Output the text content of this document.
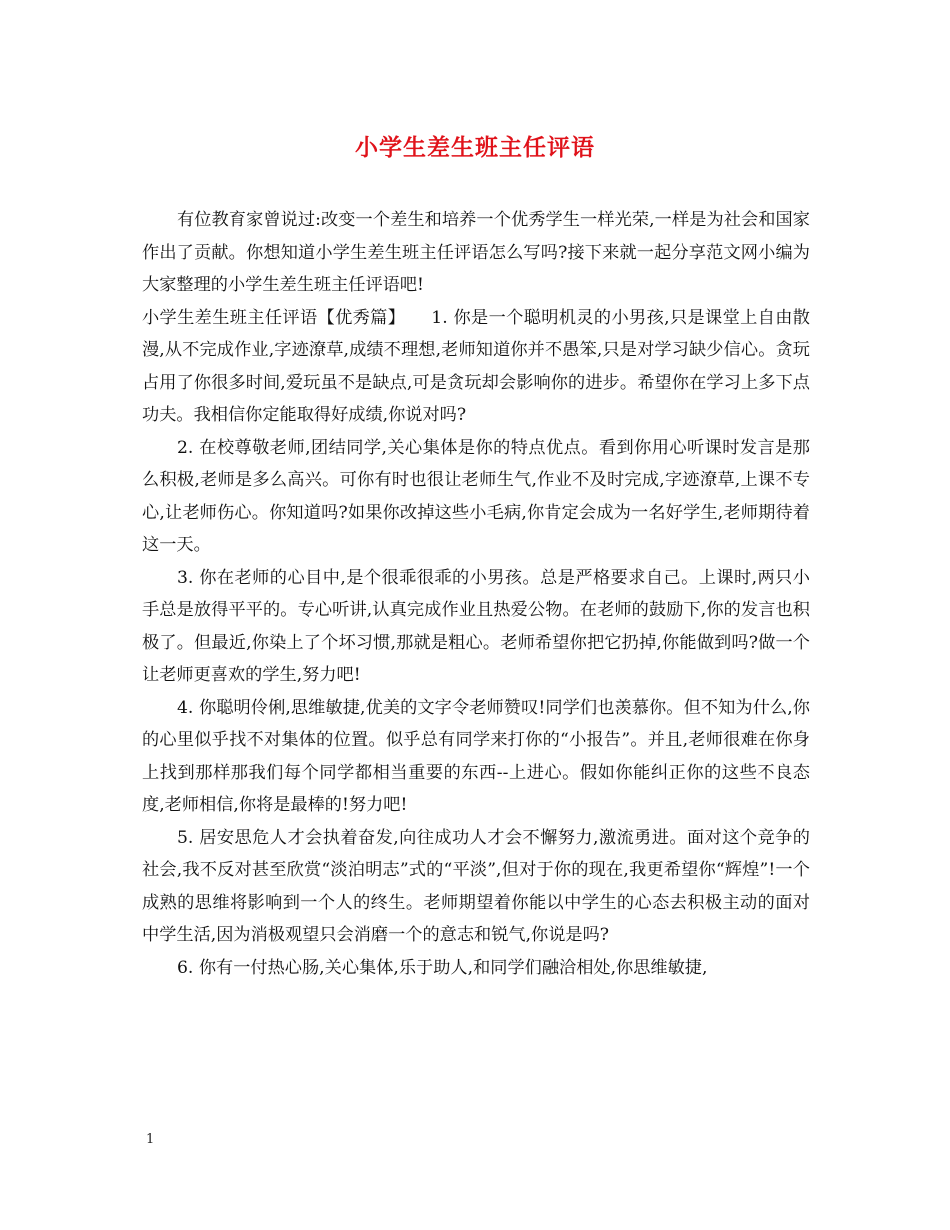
小学生差生班主任评语

有位教育家曾说过:改变一个差生和培养一个优秀学生一样光荣,一样是为社会和国家作出了贡献。你想知道小学生差生班主任评语怎么写吗?接下来就一起分享范文网小编为大家整理的小学生差生班主任评语吧!

小学生差生班主任评语【优秀篇】 1. 你是一个聪明机灵的小男孩,只是课堂上自由散漫,从不完成作业,字迹潦草,成绩不理想,老师知道你并不愚笨,只是对学习缺少信心。贪玩占用了你很多时间,爱玩虽不是缺点,可是贪玩却会影响你的进步。希望你在学习上多下点功夫。我相信你定能取得好成绩,你说对吗?

2. 在校尊敬老师,团结同学,关心集体是你的特点优点。看到你用心听课时发言是那么积极,老师是多么高兴。可你有时也很让老师生气,作业不及时完成,字迹潦草,上课不专心,让老师伤心。你知道吗?如果你改掉这些小毛病,你肯定会成为一名好学生,老师期待着这一天。

3. 你在老师的心目中,是个很乖很乖的小男孩。总是严格要求自己。上课时,两只小手总是放得平平的。专心听讲,认真完成作业且热爱公物。在老师的鼓励下,你的发言也积极了。但最近,你染上了个坏习惯,那就是粗心。老师希望你把它扔掉,你能做到吗?做一个让老师更喜欢的学生,努力吧!

4. 你聪明伶俐,思维敏捷,优美的文字令老师赞叹!同学们也羡慕你。但不知为什么,你的心里似乎找不对集体的位置。似乎总有同学来打你的“小报告”。并且,老师很难在你身上找到那样那我们每个同学都相当重要的东西--上进心。假如你能纠正你的这些不良态度,老师相信,你将是最棒的!努力吧!

5. 居安思危人才会执着奋发,向往成功人才会不懈努力,激流勇进。面对这个竞争的社会,我不反对甚至欣赏“淡泊明志”式的“平淡”,但对于你的现在,我更希望你“辉煌”!一个成熟的思维将影响到一个人的终生。老师期望着你能以中学生的心态去积极主动的面对中学生活,因为消极观望只会消磨一个的意志和锐气,你说是吗?

6. 你有一付热心肠,关心集体,乐于助人,和同学们融洽相处,你思维敏捷,

1
